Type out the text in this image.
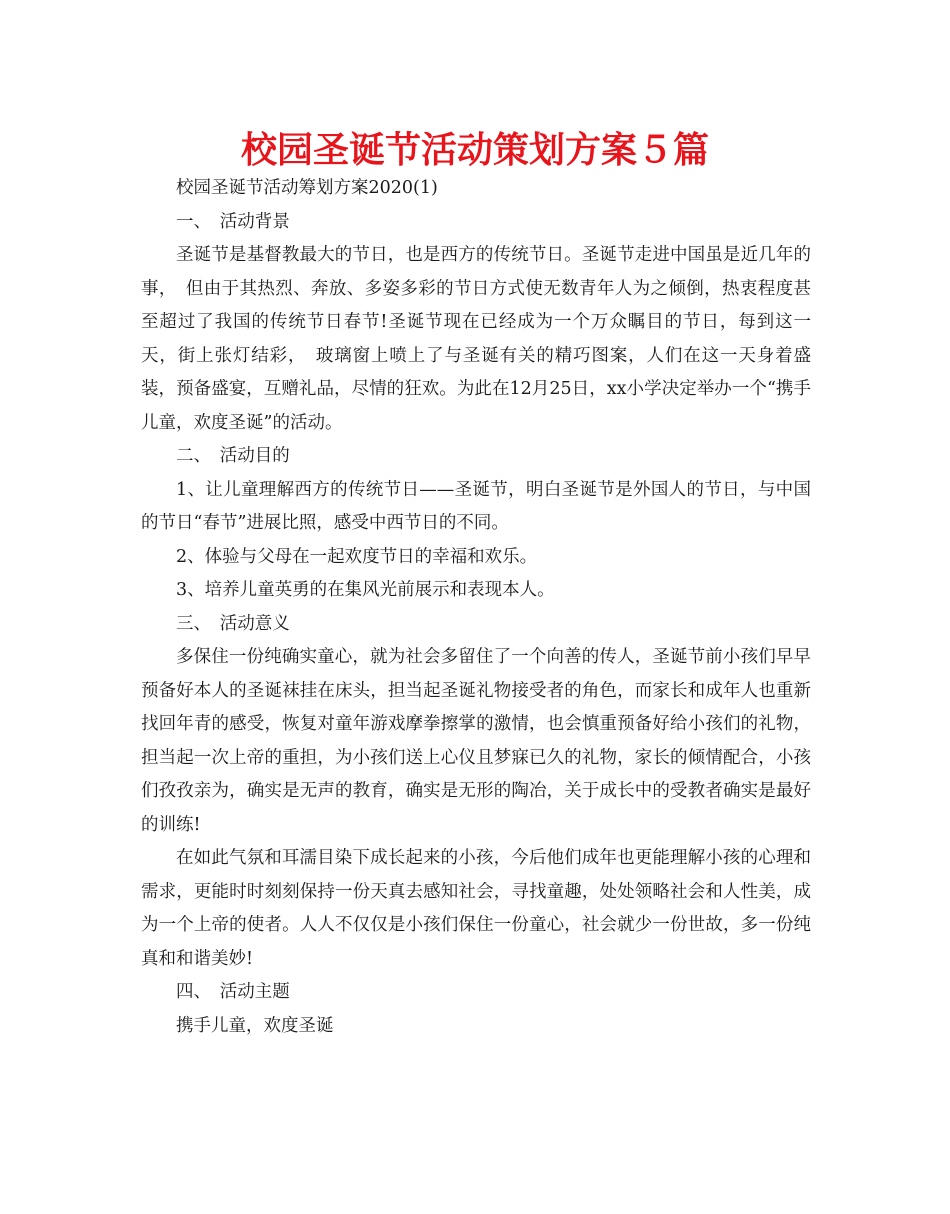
校园圣诞节活动策划方案５篇

校园圣诞节活动筹划方案2020(1)

一、　活动背景

圣诞节是基督教最大的节日，也是西方的传统节日。圣诞节走进中国虽是近几年的事，　但由于其热烈、奔放、多姿多彩的节日方式使无数青年人为之倾倒，热衷程度甚至超过了我国的传统节日春节!圣诞节现在已经成为一个万众瞩目的节日，每到这一天，街上张灯结彩，　玻璃窗上喷上了与圣诞有关的精巧图案，人们在这一天身着盛装，预备盛宴，互赠礼品，尽情的狂欢。为此在12月25日，xx小学决定举办一个“携手儿童，欢度圣诞”的活动。

二、　活动目的

1、让儿童理解西方的传统节日——圣诞节，明白圣诞节是外国人的节日，与中国的节日“春节”进展比照，感受中西节日的不同。

2、体验与父母在一起欢度节日的幸福和欢乐。

3、培养儿童英勇的在集风光前展示和表现本人。

三、　活动意义

多保住一份纯确实童心，就为社会多留住了一个向善的传人，圣诞节前小孩们早早预备好本人的圣诞袜挂在床头，担当起圣诞礼物接受者的角色，而家长和成年人也重新找回年青的感受，恢复对童年游戏摩拳擦掌的激情，也会慎重预备好给小孩们的礼物，担当起一次上帝的重担，为小孩们送上心仪且梦寐已久的礼物，家长的倾情配合，小孩们孜孜亲为，确实是无声的教育，确实是无形的陶冶，关于成长中的受教者确实是最好的训练!

在如此气氛和耳濡目染下成长起来的小孩，今后他们成年也更能理解小孩的心理和需求，更能时时刻刻保持一份天真去感知社会，寻找童趣，处处领略社会和人性美，成为一个上帝的使者。人人不仅仅是小孩们保住一份童心，社会就少一份世故，多一份纯真和和谐美妙!

四、　活动主题

携手儿童，欢度圣诞
